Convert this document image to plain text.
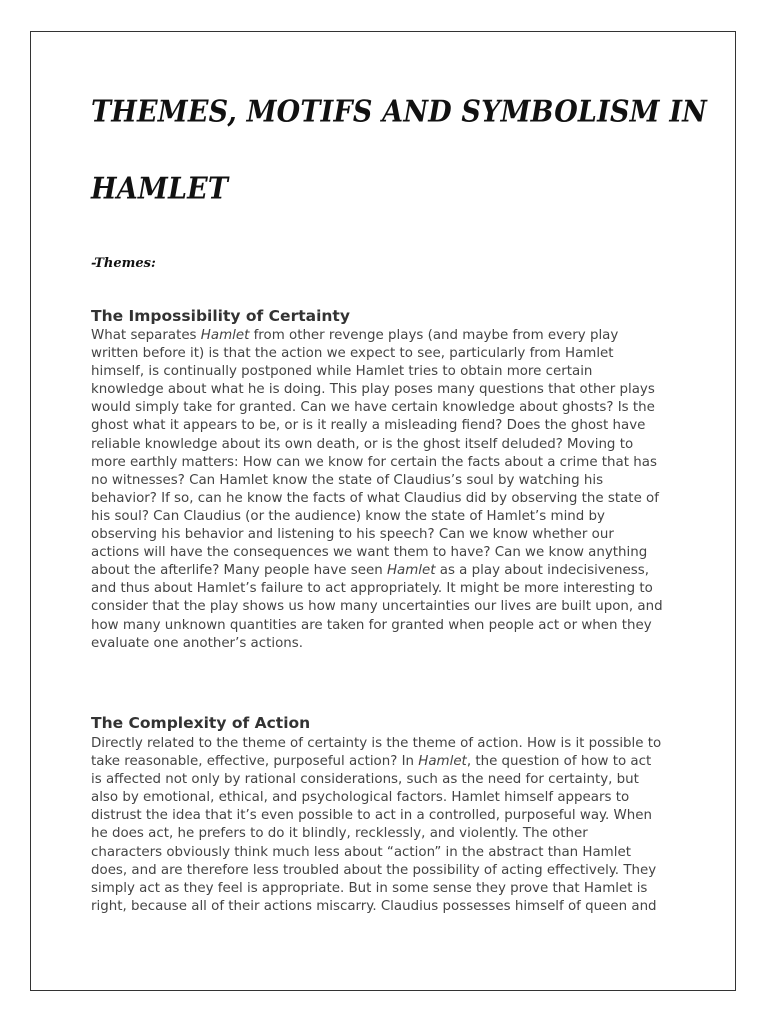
THEMES, MOTIFS AND SYMBOLISM IN
HAMLET
-Themes:
The Impossibility of Certainty

What separates Hamlet from other revenge plays (and maybe from every play
written before it) is that the action we expect to see, particularly from Hamlet
himself, is continually postponed while Hamlet tries to obtain more certain
knowledge about what he is doing. This play poses many questions that other plays
would simply take for granted. Can we have certain knowledge about ghosts? Is the
ghost what it appears to be, or is it really a misleading fiend? Does the ghost have
reliable knowledge about its own death, or is the ghost itself deluded? Moving to
more earthly matters: How can we know for certain the facts about a crime that has
no witnesses? Can Hamlet know the state of Claudius’s soul by watching his
behavior? If so, can he know the facts of what Claudius did by observing the state of
his soul? Can Claudius (or the audience) know the state of Hamlet’s mind by
observing his behavior and listening to his speech? Can we know whether our
actions will have the consequences we want them to have? Can we know anything
about the afterlife? Many people have seen Hamlet as a play about indecisiveness,
and thus about Hamlet’s failure to act appropriately. It might be more interesting to
consider that the play shows us how many uncertainties our lives are built upon, and
how many unknown quantities are taken for granted when people act or when they
evaluate one another’s actions.

The Complexity of Action

Directly related to the theme of certainty is the theme of action. How is it possible to
take reasonable, effective, purposeful action? In Hamlet, the question of how to act
is affected not only by rational considerations, such as the need for certainty, but
also by emotional, ethical, and psychological factors. Hamlet himself appears to
distrust the idea that it’s even possible to act in a controlled, purposeful way. When
he does act, he prefers to do it blindly, recklessly, and violently. The other
characters obviously think much less about “action” in the abstract than Hamlet
does, and are therefore less troubled about the possibility of acting effectively. They
simply act as they feel is appropriate. But in some sense they prove that Hamlet is
right, because all of their actions miscarry. Claudius possesses himself of queen and
